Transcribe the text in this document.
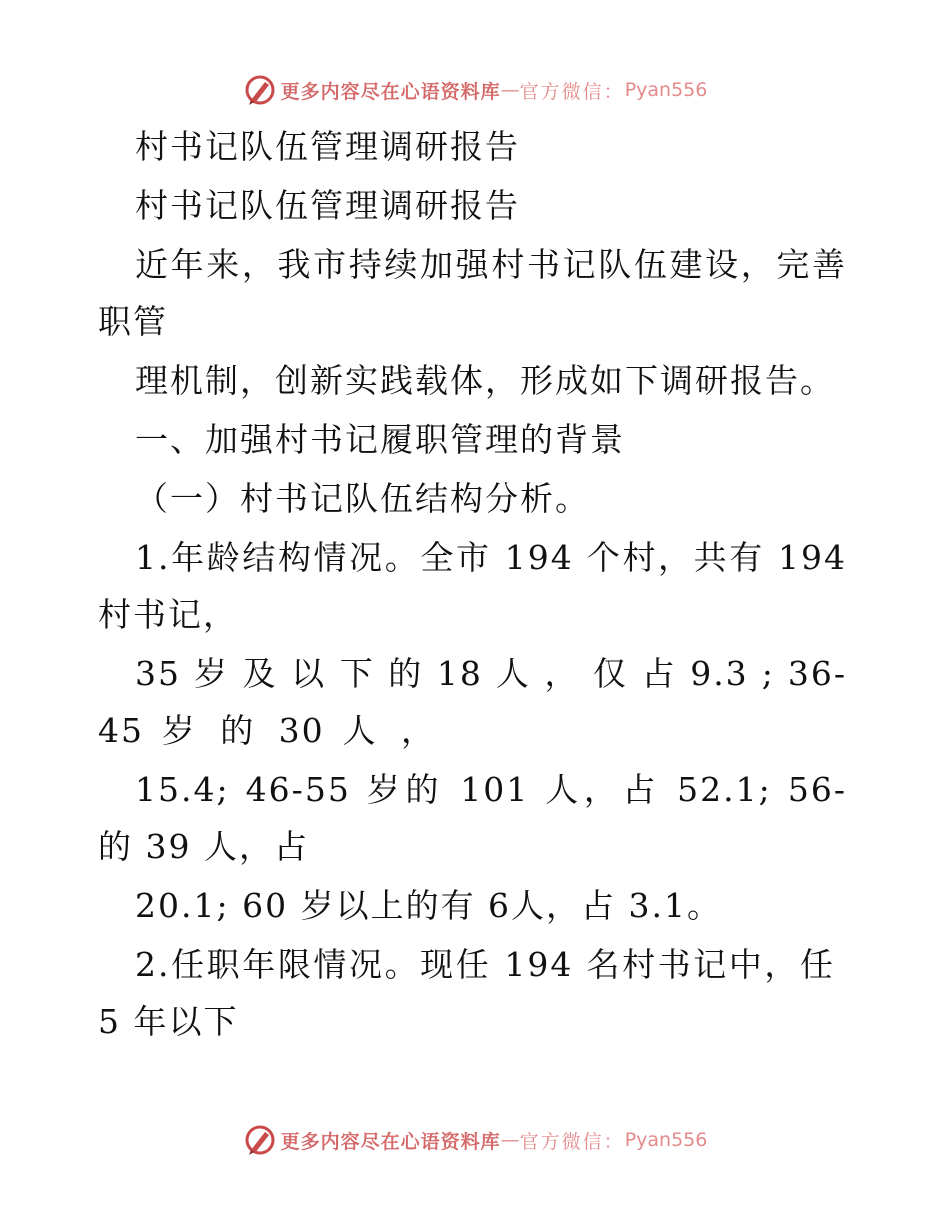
更多内容尽在心语资料库 — 官方微信： Pyan556
村书记队伍管理调研报告
村书记队伍管理调研报告
近年来，我市持续加强村书记队伍建设，完善
职管
理机制，创新实践载体，形成如下调研报告。
一、加强村书记履职管理的背景
（一）村书记队伍结构分析。
1.年龄结构情况。全市 194 个村，共有 194
村书记，
35 岁 及 以 下 的 18 人 ， 仅 占 9.3 ; 36-
45 岁 的 30 人 ，
15.4; 46-55 岁的 101 人，占 52.1; 56-
的 39 人，占
20.1; 60 岁以上的有 6人，占 3.1。
2.任职年限情况。现任 194 名村书记中，任
5 年以下
更多内容尽在心语资料库 — 官方微信： Pyan556
